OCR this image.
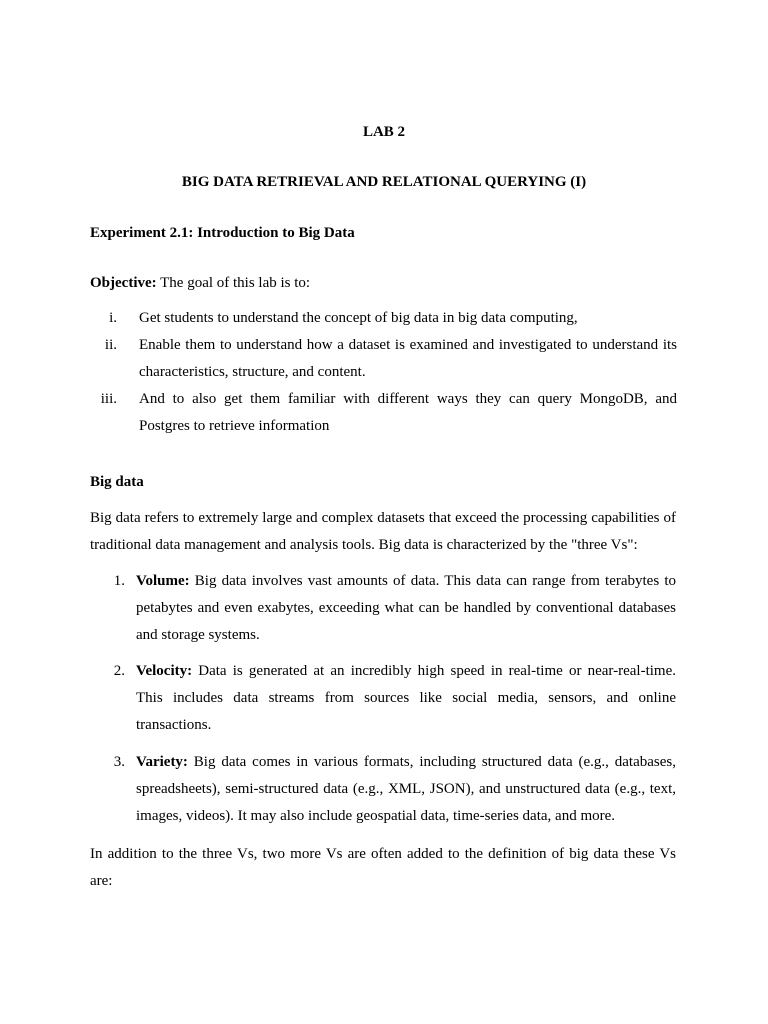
LAB 2
BIG DATA RETRIEVAL AND RELATIONAL QUERYING (I)
Experiment 2.1: Introduction to Big Data
Objective: The goal of this lab is to:
i. Get students to understand the concept of big data in big data computing,
ii. Enable them to understand how a dataset is examined and investigated to understand its
characteristics, structure, and content.
iii. And to also get them familiar with different ways they can query MongoDB, and
Postgres to retrieve information
Big data
Big data refers to extremely large and complex datasets that exceed the processing capabilities of
traditional data management and analysis tools. Big data is characterized by the "three Vs":
1. Volume: Big data involves vast amounts of data. This data can range from terabytes to
petabytes and even exabytes, exceeding what can be handled by conventional databases
and storage systems.
2. Velocity: Data is generated at an incredibly high speed in real-time or near-real-time.
This includes data streams from sources like social media, sensors, and online
transactions.
3. Variety: Big data comes in various formats, including structured data (e.g., databases,
spreadsheets), semi-structured data (e.g., XML, JSON), and unstructured data (e.g., text,
images, videos). It may also include geospatial data, time-series data, and more.
In addition to the three Vs, two more Vs are often added to the definition of big data these Vs
are:
